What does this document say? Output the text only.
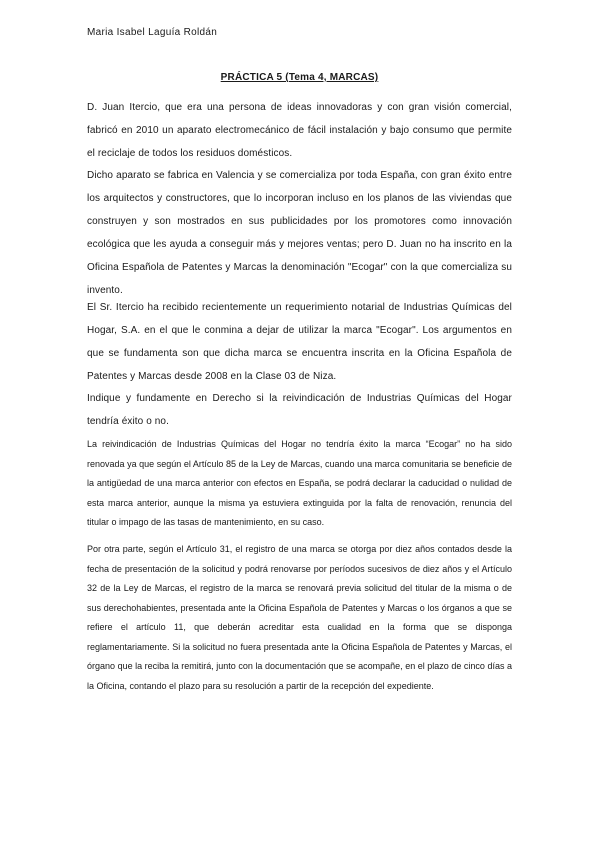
Maria Isabel Laguía Roldán
PRÁCTICA 5 (Tema 4, MARCAS)

D. Juan Itercio, que era una persona de ideas innovadoras y con gran visión comercial, fabricó en 2010 un aparato electromecánico de fácil instalación y bajo consumo que permite el reciclaje de todos los residuos domésticos.

Dicho aparato se fabrica en Valencia y se comercializa por toda España, con gran éxito entre los arquitectos y constructores, que lo incorporan incluso en los planos de las viviendas que construyen y son mostrados en sus publicidades por los promotores como innovación ecológica que les ayuda a conseguir más y mejores ventas; pero D. Juan no ha inscrito en la Oficina Española de Patentes y Marcas la denominación "Ecogar" con la que comercializa su invento.

El Sr. Itercio ha recibido recientemente un requerimiento notarial de Industrias Químicas del Hogar, S.A. en el que le conmina a dejar de utilizar la marca "Ecogar". Los argumentos en que se fundamenta son que dicha marca se encuentra inscrita en la Oficina Española de Patentes y Marcas desde 2008 en la Clase 03 de Niza.

Indique y fundamente en Derecho si la reivindicación de Industrias Químicas del Hogar tendría éxito o no.

La reivindicación de Industrias Químicas del Hogar no tendría éxito la marca “Ecogar” no ha sido renovada ya que según el Artículo 85 de la Ley de Marcas, cuando una marca comunitaria se beneficie de la antigüedad de una marca anterior con efectos en España, se podrá declarar la caducidad o nulidad de esta marca anterior, aunque la misma ya estuviera extinguida por la falta de renovación, renuncia del titular o impago de las tasas de mantenimiento, en su caso.

Por otra parte, según el Artículo 31, el registro de una marca se otorga por diez años contados desde la fecha de presentación de la solicitud y podrá renovarse por períodos sucesivos de diez años y el Artículo 32 de la Ley de Marcas, el registro de la marca se renovará previa solicitud del titular de la misma o de sus derechohabientes, presentada ante la Oficina Española de Patentes y Marcas o los órganos a que se refiere el artículo 11, que deberán acreditar esta cualidad en la forma que se disponga reglamentariamente. Si la solicitud no fuera presentada ante la Oficina Española de Patentes y Marcas, el órgano que la reciba la remitirá, junto con la documentación que se acompañe, en el plazo de cinco días a la Oficina, contando el plazo para su resolución a partir de la recepción del expediente.
